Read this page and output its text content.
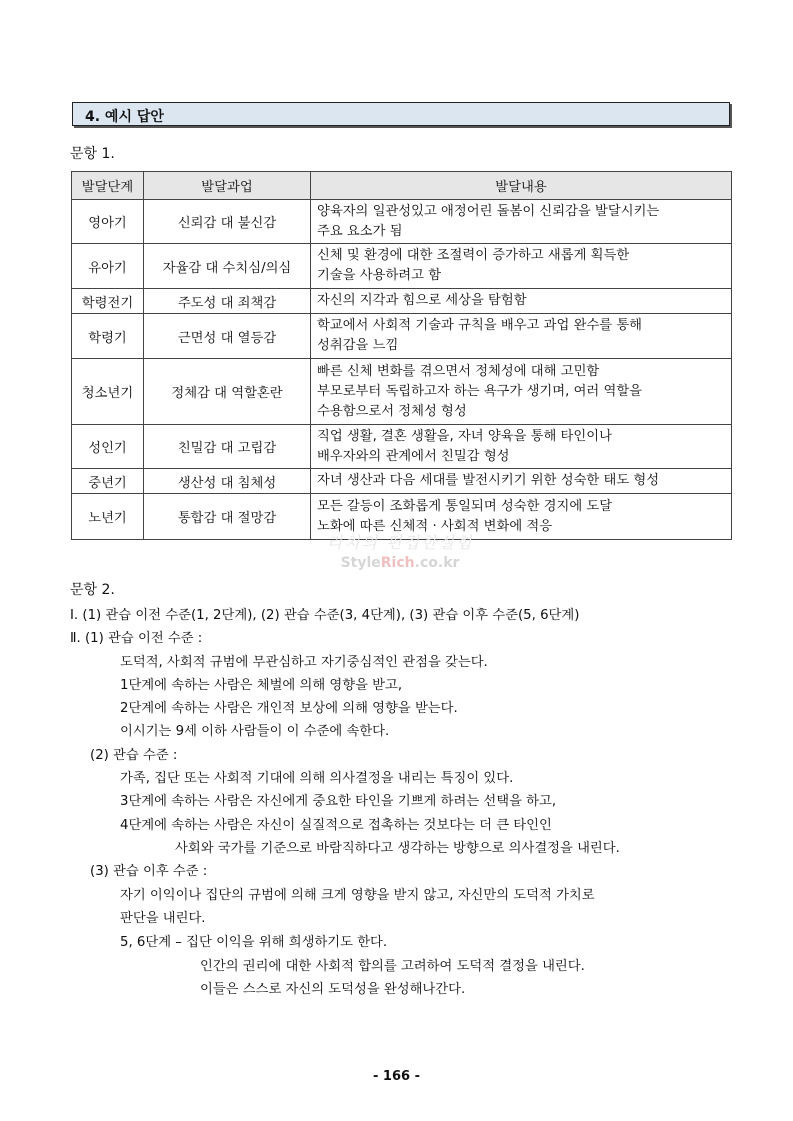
4. 예시 답안
문항 1.
발달단계	발달과업	발달내용
영아기	신뢰감 대 불신감	양육자의 일관성있고 애정어린 돌봄이 신뢰감을 발달시키는
주요 요소가 됨

유아기	자율감 대 수치심/의심	신체 및 환경에 대한 조절력이 증가하고 새롭게 획득한
기술을 사용하려고 함

학령전기	주도성 대 죄책감	자신의 지각과 힘으로 세상을 탐험함

학령기	근면성 대 열등감	학교에서 사회적 기술과 규칙을 배우고 과업 완수를 통해
성취감을 느낌

청소년기	정체감 대 역할혼란	빠른 신체 변화를 겪으면서 정체성에 대해 고민함
부모로부터 독립하고자 하는 욕구가 생기며, 여러 역할을
수용함으로서 정체성 형성

성인기	친밀감 대 고립감	직업 생활, 결혼 생활을, 자녀 양육을 통해 타인이나
배우자와의 관계에서 친밀감 형성

중년기	생산성 대 침체성	자녀 생산과 다음 세대를 발전시키기 위한 성숙한 태도 형성

노년기	통합감 대 절망감	모든 갈등이 조화롭게 통일되며 성숙한 경지에 도달
노화에 따른 신체적 · 사회적 변화에 적응
리치의 편집한실험
StyleRich.co.kr
문항 2.
Ⅰ. (1) 관습 이전 수준(1, 2단계), (2) 관습 수준(3, 4단계), (3) 관습 이후 수준(5, 6단계)
Ⅱ. (1) 관습 이전 수준 :
도덕적, 사회적 규범에 무관심하고 자기중심적인 관점을 갖는다.
1단계에 속하는 사람은 체벌에 의해 영향을 받고,
2단계에 속하는 사람은 개인적 보상에 의해 영향을 받는다.
이시기는 9세 이하 사람들이 이 수준에 속한다.
(2) 관습 수준 :
가족, 집단 또는 사회적 기대에 의해 의사결정을 내리는 특징이 있다.
3단계에 속하는 사람은 자신에게 중요한 타인을 기쁘게 하려는 선택을 하고,
4단계에 속하는 사람은 자신이 실질적으로 접촉하는 것보다는 더 큰 타인인
사회와 국가를 기준으로 바람직하다고 생각하는 방향으로 의사결정을 내린다.
(3) 관습 이후 수준 :
자기 이익이나 집단의 규범에 의해 크게 영향을 받지 않고, 자신만의 도덕적 가치로
판단을 내린다.
5, 6단계 – 집단 이익을 위해 희생하기도 한다.
인간의 권리에 대한 사회적 합의를 고려하여 도덕적 결정을 내린다.
이들은 스스로 자신의 도덕성을 완성해나간다.
- 166 -
